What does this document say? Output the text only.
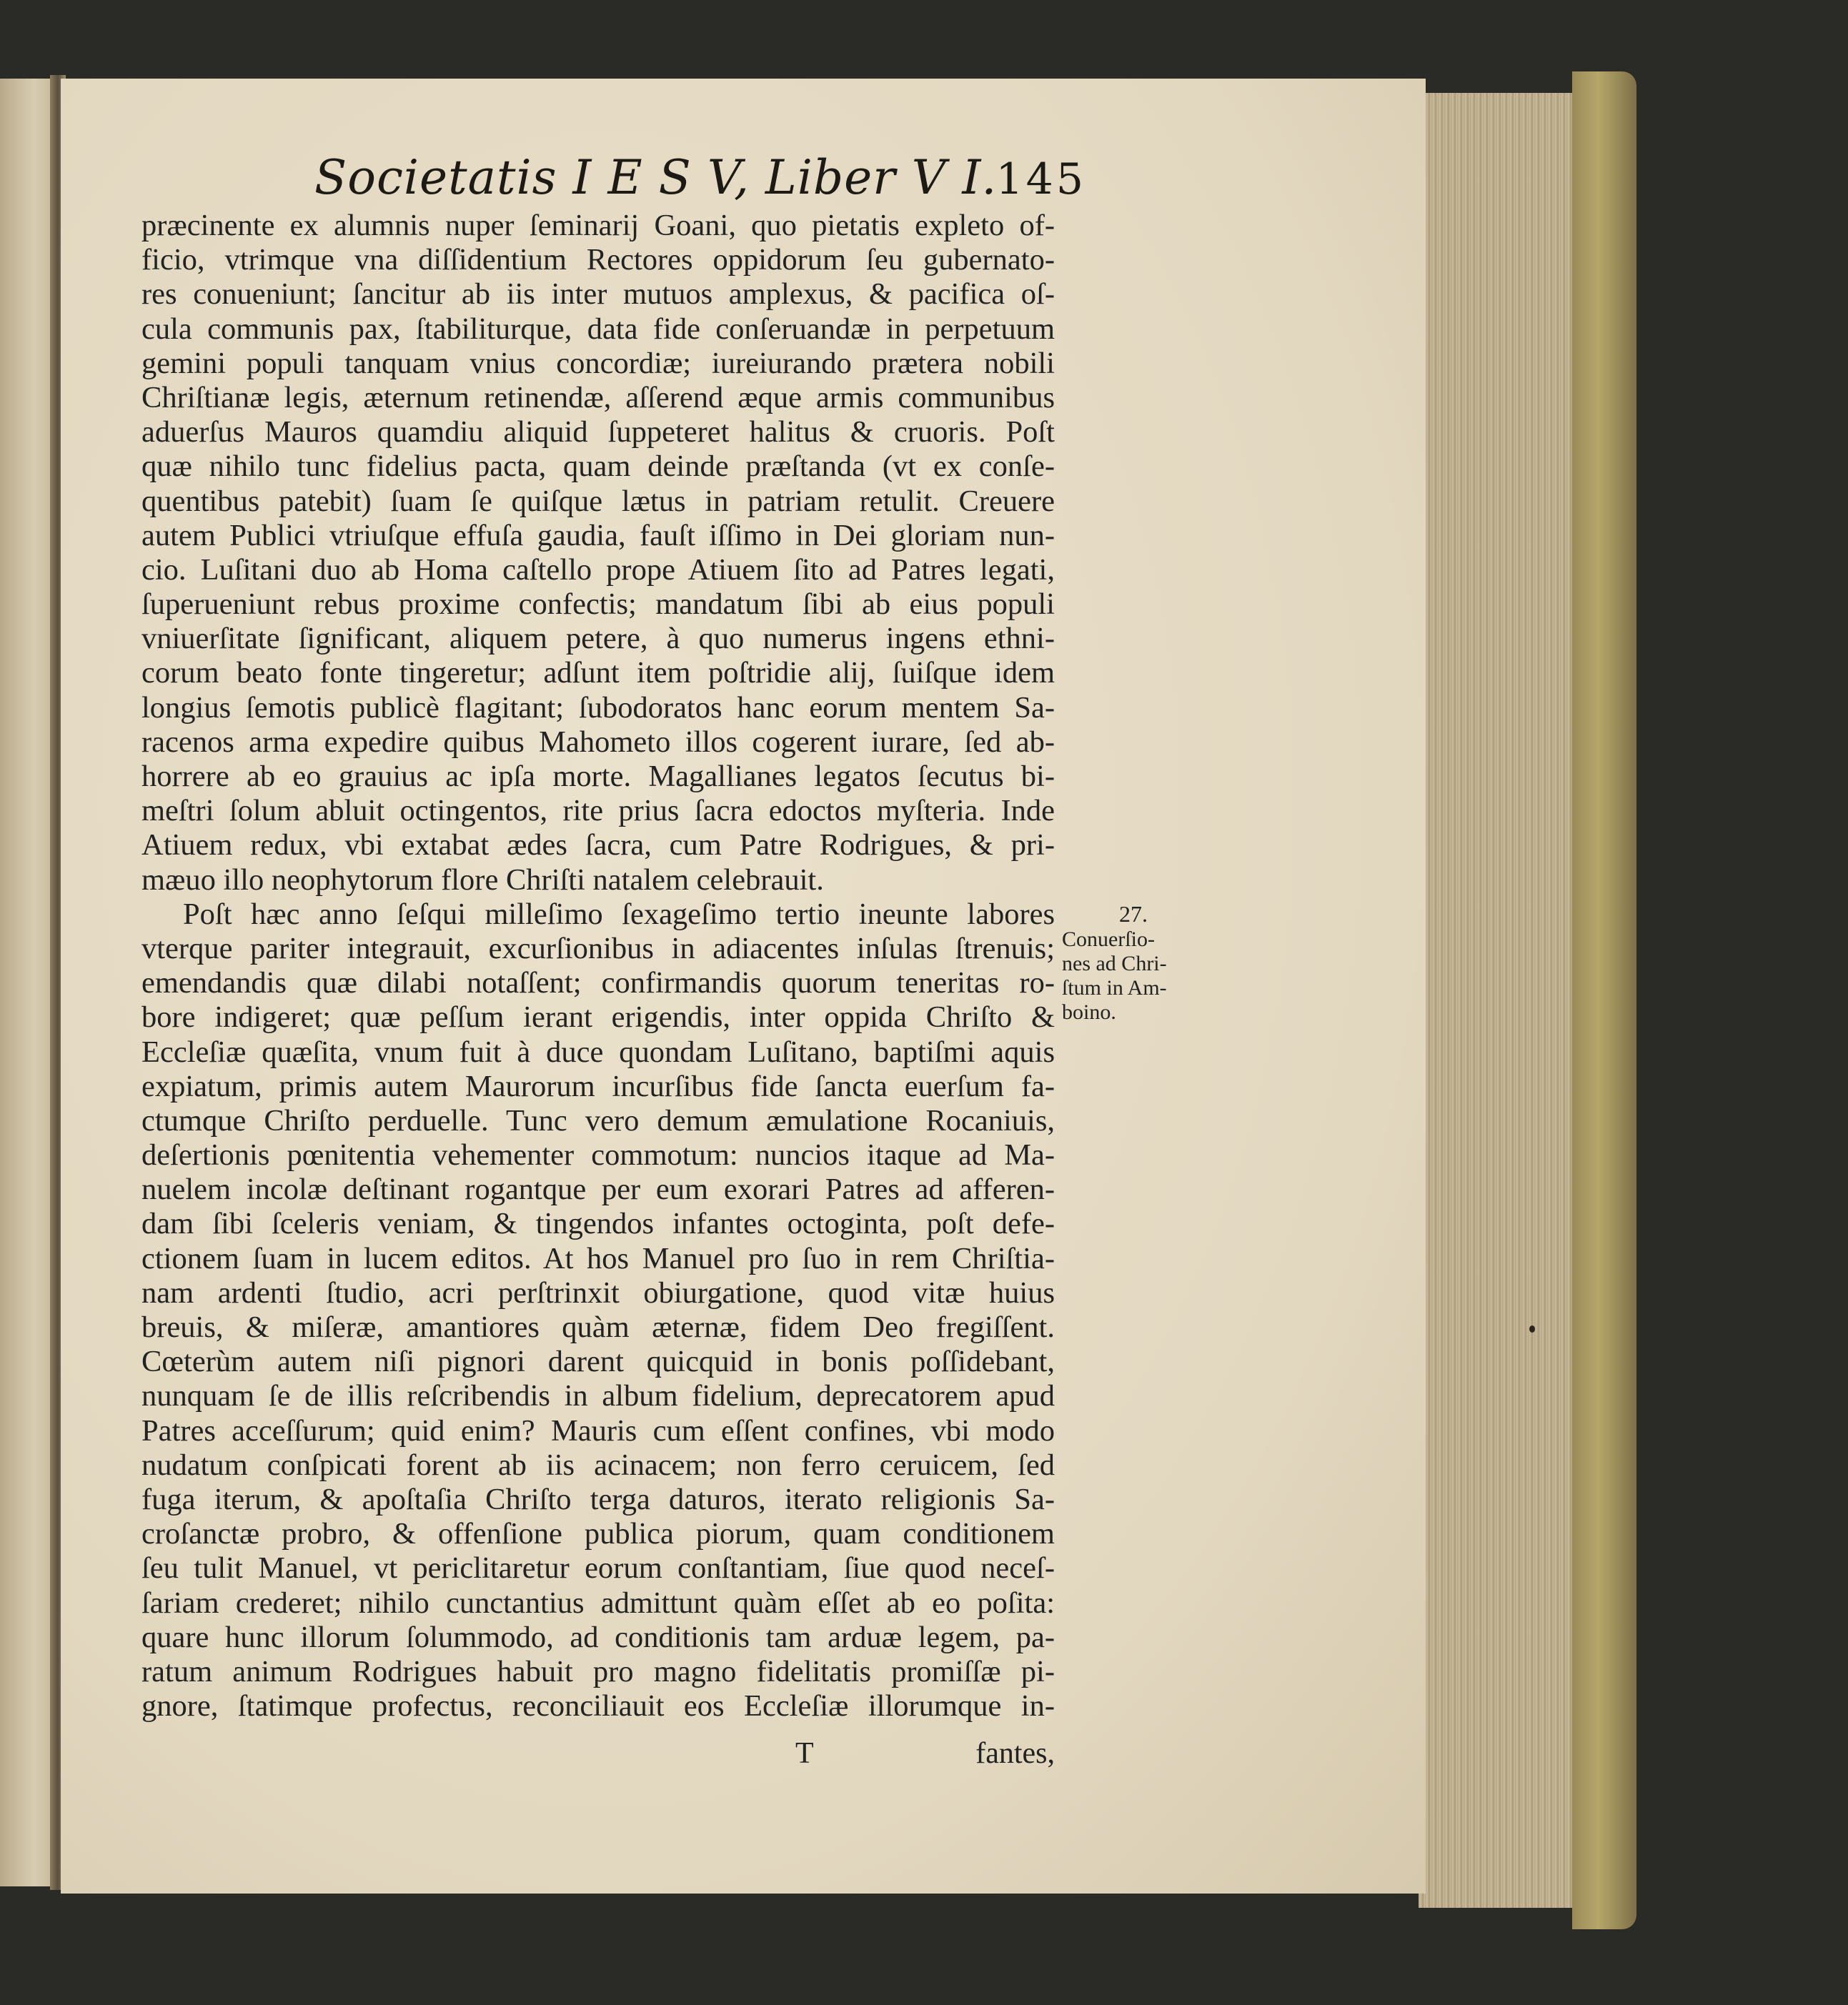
Societatis I E S V, Liber V I.
145
præcinente ex alumnis nuper ſeminarij Goani, quo pietatis expleto of-
ficio, vtrimque vna diſſidentium Rectores oppidorum ſeu gubernato-
res conueniunt; ſancitur ab iis inter mutuos amplexus, & pacifica oſ-
cula communis pax, ſtabiliturque, data fide conſeruandæ in perpetuum
gemini populi tanquam vnius concordiæ; iureiurando prætera nobili
Chriſtianæ legis, æternum retinendæ, aſſerend æque armis communibus
aduerſus Mauros quamdiu aliquid ſuppeteret halitus & cruoris. Poſt
quæ nihilo tunc fidelius pacta, quam deinde præſtanda (vt ex conſe-
quentibus patebit) ſuam ſe quiſque lætus in patriam retulit. Creuere
autem Publici vtriuſque effuſa gaudia, fauſt iſſimo in Dei gloriam nun-
cio. Luſitani duo ab Homa caſtello prope Atiuem ſito ad Patres legati,
ſuperueniunt rebus proxime confectis; mandatum ſibi ab eius populi
vniuerſitate ſignificant, aliquem petere, à quo numerus ingens ethni-
corum beato fonte tingeretur; adſunt item poſtridie alij, ſuiſque idem
longius ſemotis publicè flagitant; ſubodoratos hanc eorum mentem Sa-
racenos arma expedire quibus Mahometo illos cogerent iurare, ſed ab-
horrere ab eo grauius ac ipſa morte. Magallianes legatos ſecutus bi-
meſtri ſolum abluit octingentos, rite prius ſacra edoctos myſteria. Inde
Atiuem redux, vbi extabat ædes ſacra, cum Patre Rodrigues, & pri-
mæuo illo neophytorum flore Chriſti natalem celebrauit.
Poſt hæc anno ſeſqui milleſimo ſexageſimo tertio ineunte labores
vterque pariter integrauit, excurſionibus in adiacentes inſulas ſtrenuis;
emendandis quæ dilabi notaſſent; confirmandis quorum teneritas ro-
bore indigeret; quæ peſſum ierant erigendis, inter oppida Chriſto &
Eccleſiæ quæſita, vnum fuit à duce quondam Luſitano, baptiſmi aquis
expiatum, primis autem Maurorum incurſibus fide ſancta euerſum fa-
ctumque Chriſto perduelle. Tunc vero demum æmulatione Rocaniuis,
deſertionis pœnitentia vehementer commotum: nuncios itaque ad Ma-
nuelem incolæ deſtinant rogantque per eum exorari Patres ad afferen-
dam ſibi ſceleris veniam, & tingendos infantes octoginta, poſt defe-
ctionem ſuam in lucem editos. At hos Manuel pro ſuo in rem Chriſtia-
nam ardenti ſtudio, acri perſtrinxit obiurgatione, quod vitæ huius
breuis, & miſeræ, amantiores quàm æternæ, fidem Deo fregiſſent.
Cœterùm autem niſi pignori darent quicquid in bonis poſſidebant,
nunquam ſe de illis reſcribendis in album fidelium, deprecatorem apud
Patres acceſſurum; quid enim? Mauris cum eſſent confines, vbi modo
nudatum conſpicati forent ab iis acinacem; non ferro ceruicem, ſed
fuga iterum, & apoſtaſia Chriſto terga daturos, iterato religionis Sa-
croſanctæ probro, & offenſione publica piorum, quam conditionem
ſeu tulit Manuel, vt periclitaretur eorum conſtantiam, ſiue quod neceſ-
ſariam crederet; nihilo cunctantius admittunt quàm eſſet ab eo poſita:
quare hunc illorum ſolummodo, ad conditionis tam arduæ legem, pa-
ratum animum Rodrigues habuit pro magno fidelitatis promiſſæ pi-
gnore, ſtatimque profectus, reconciliauit eos Eccleſiæ illorumque in-
27.
Conuerſio-
nes ad Chri-
ſtum in Am-
boino.
T	fantes,
